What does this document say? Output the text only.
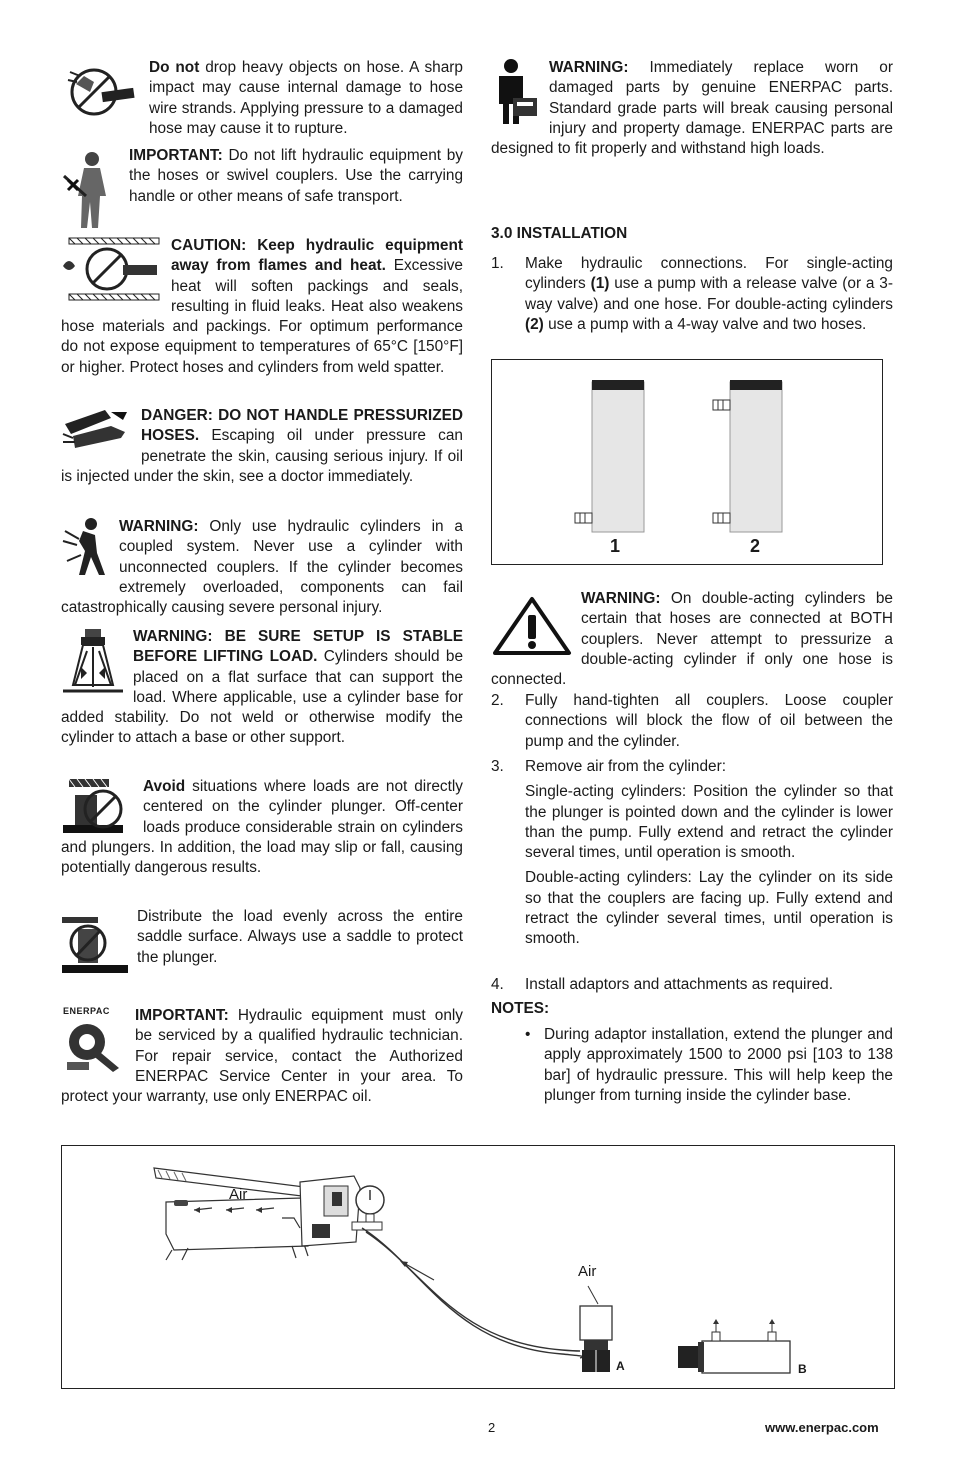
Do not drop heavy objects on hose. A sharp impact may cause internal damage to hose wire strands. Applying pressure to a damaged hose may cause it to rupture.
IMPORTANT: Do not lift hydraulic equipment by the hoses or swivel couplers. Use the carrying handle or other means of safe transport.
CAUTION: Keep hydraulic equipment away from flames and heat. Excessive heat will soften packings and seals, resulting in fluid leaks. Heat also weakens hose materials and packings. For optimum performance do not expose equipment to temperatures of 65°C [150°F] or higher. Protect hoses and cylinders from weld spatter.
DANGER: DO NOT HANDLE PRESSURIZED HOSES. Escaping oil under pressure can penetrate the skin, causing serious injury. If oil is injected under the skin, see a doctor immediately.
WARNING: Only use hydraulic cylinders in a coupled system. Never use a cylinder with unconnected couplers. If the cylinder becomes extremely overloaded, components can fail catastrophically causing severe personal injury.
WARNING: BE SURE SETUP IS STABLE BEFORE LIFTING LOAD. Cylinders should be placed on a flat surface that can support the load. Where applicable, use a cylinder base for added stability. Do not weld or otherwise modify the cylinder to attach a base or other support.
Avoid situations where loads are not directly centered on the cylinder plunger. Off-center loads produce considerable strain on cylinders and plungers. In addition, the load may slip or fall, causing potentially dangerous results.
Distribute the load evenly across the entire saddle surface. Always use a saddle to protect the plunger.
ENERPAC IMPORTANT: Hydraulic equipment must only be serviced by a qualified hydraulic technician. For repair service, contact the Authorized ENERPAC Service Center in your area. To protect your warranty, use only ENERPAC oil.
WARNING: Immediately replace worn or damaged parts by genuine ENERPAC parts. Standard grade parts will break causing personal injury and property damage. ENERPAC parts are designed to fit properly and withstand high loads.
3.0 INSTALLATION
1. Make hydraulic connections. For single-acting cylinders (1) use a pump with a release valve (or a 3-way valve) and one hose. For double-acting cylinders (2) use a pump with a 4-way valve and two hoses.
1	2
WARNING: On double-acting cylinders be certain that hoses are connected at BOTH couplers. Never attempt to pressurize a double-acting cylinder if only one hose is connected.
2. Fully hand-tighten all couplers. Loose coupler connections will block the flow of oil between the pump and the cylinder.
3. Remove air from the cylinder:
Single-acting cylinders: Position the cylinder so that the plunger is pointed down and the cylinder is lower than the pump. Fully extend and retract the cylinder several times, until operation is smooth.
Double-acting cylinders: Lay the cylinder on its side so that the couplers are facing up. Fully extend and retract the cylinder several times, until operation is smooth.
4. Install adaptors and attachments as required.
NOTES:
• During adaptor installation, extend the plunger and apply approximately 1500 to 2000 psi [103 to 138 bar] of hydraulic pressure. This will help keep the plunger from turning inside the cylinder base.
Air
Air
A	B
2	www.enerpac.com
